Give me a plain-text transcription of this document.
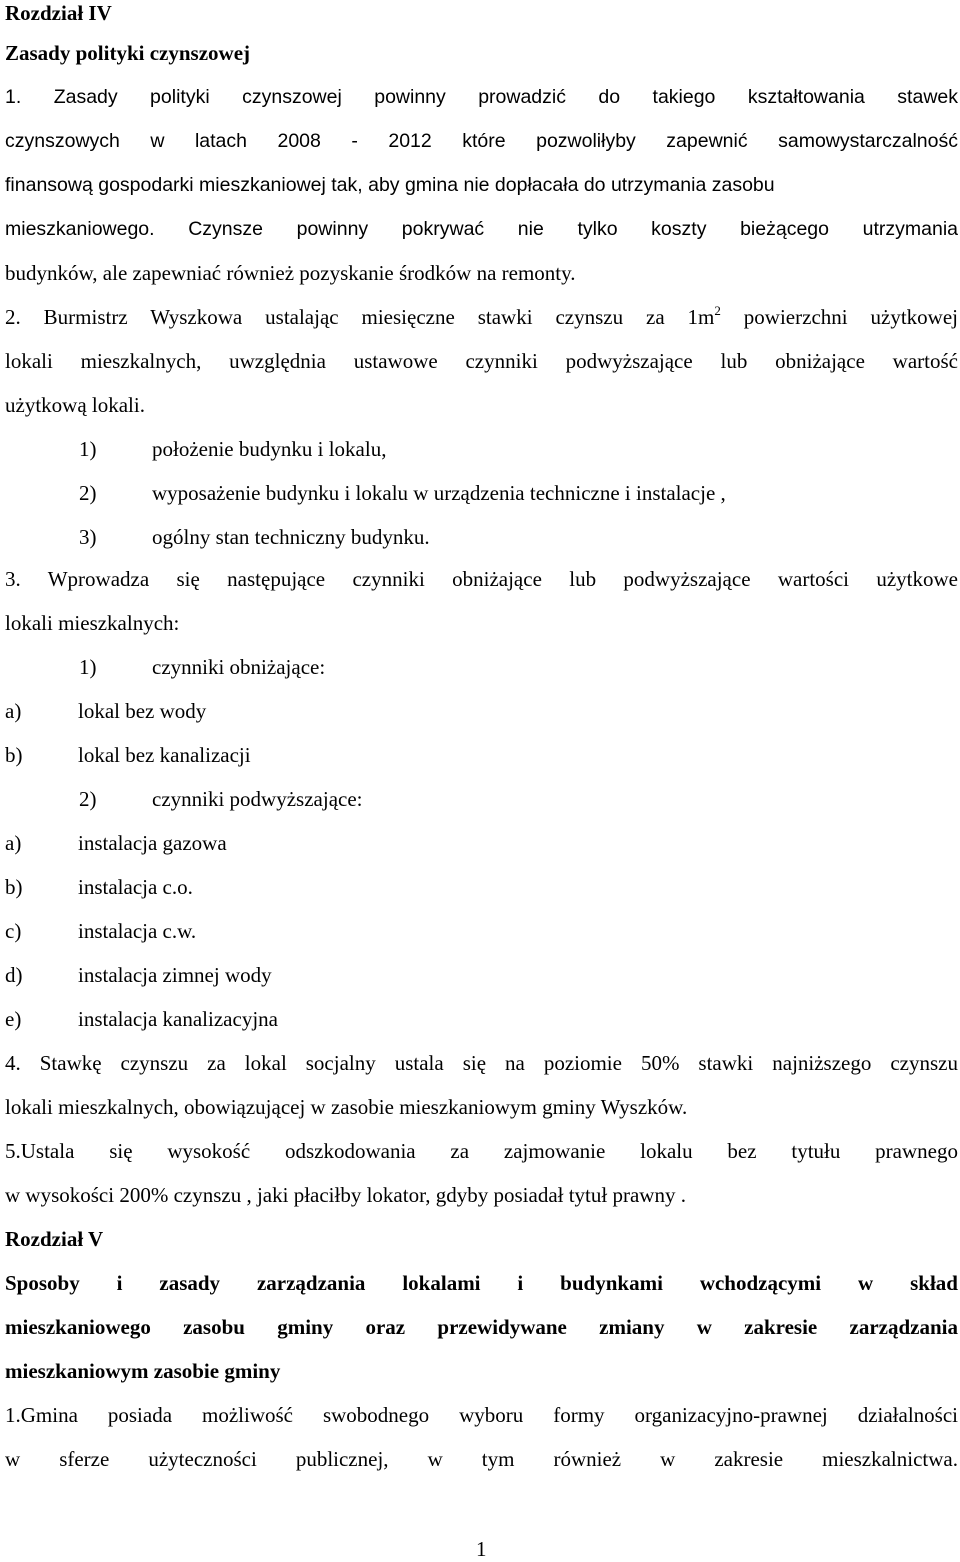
Rozdział IV
Zasady polityki czynszowej
1. Zasady polityki czynszowej powinny prowadzić do takiego kształtowania stawek
czynszowych w latach 2008 - 2012 które pozwoliłyby zapewnić samowystarczalność
finansową gospodarki mieszkaniowej tak, aby gmina nie dopłacała do utrzymania zasobu
mieszkaniowego. Czynsze powinny pokrywać nie tylko koszty bieżącego utrzymania
budynków, ale zapewniać również pozyskanie środków na remonty.
2. Burmistrz Wyszkowa ustalając miesięczne stawki czynszu za $1m^2$ powierzchni użytkowej
lokali mieszkalnych, uwzględnia ustawowe czynniki podwyższające lub obniżające wartość
użytkową lokali.
1)	położenie budynku i lokalu,
2)	wyposażenie budynku i lokalu w urządzenia techniczne i instalacje ,
3)	ogólny stan techniczny budynku.
3. Wprowadza się następujące czynniki obniżające lub podwyższające wartości użytkowe
lokali mieszkalnych:
1)	czynniki obniżające:
a)	lokal bez wody
b)	lokal bez kanalizacji
2)	czynniki podwyższające:
a)	instalacja gazowa
b)	instalacja c.o.
c)	instalacja c.w.
d)	instalacja zimnej wody
e)	instalacja kanalizacyjna
4. Stawkę czynszu za lokal socjalny ustala się na poziomie 50% stawki najniższego czynszu
lokali mieszkalnych, obowiązującej w zasobie mieszkaniowym gminy Wyszków.
5.Ustala się wysokość odszkodowania za zajmowanie lokalu bez tytułu prawnego
w wysokości 200% czynszu , jaki płaciłby lokator, gdyby posiadał tytuł prawny .
Rozdział V
Sposoby i zasady zarządzania lokalami i budynkami wchodzącymi w skład
mieszkaniowego zasobu gminy oraz przewidywane zmiany w zakresie zarządzania
mieszkaniowym zasobie gminy
1.Gmina posiada możliwość swobodnego wyboru formy organizacyjno-prawnej działalności
w sferze użyteczności publicznej, w tym również w zakresie mieszkalnictwa.
1
